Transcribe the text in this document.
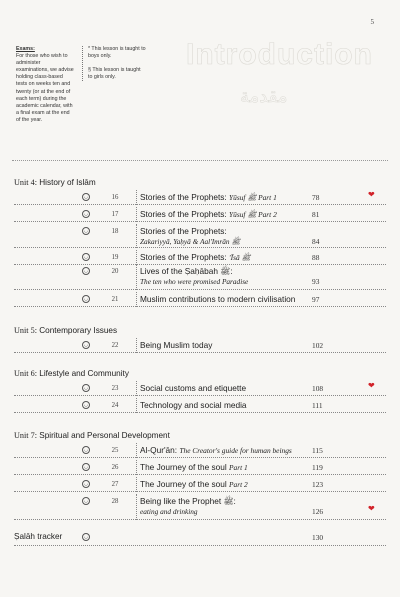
5
Introduction
مقدمة
Exams:
For those who wish to administer examinations, we advise holding class-based tests on weeks ten and twenty (or at the end of each term) during the academic calendar, with a final exam at the end of the year.

* This lesson is taught to boys only.

§ This lesson is taught to girls only.

Unit 4: History of Islām
◡	16	Stories of the Prophets: Yūsuf ﷺ Part 1	78	❤
◡	17	Stories of the Prophets: Yūsuf ﷺ Part 2	81
◡	18	Stories of the Prophets:
Zakariyyā, Yaḥyā & Aal'Imrān ﷺ	84
◡	19	Stories of the Prophets: 'Īsā ﷺ	88
◡	20	Lives of the Ṣaḥābah ﷺ:
The ten who were promised Paradise	93
◡	21	Muslim contributions to modern civilisation 97
Unit 5: Contemporary Issues
◡	22	Being Muslim today	102
Unit 6: Lifestyle and Community
◡	23	Social customs and etiquette	108	❤
◡	24	Technology and social media	111
Unit 7: Spiritual and Personal Development
◡	25	Al-Qur'ān: The Creator's guide for human beings	115
◡	26	The Journey of the soul Part 1	119
◡	27	The Journey of the soul Part 2	123
◡	28	Being like the Prophet ﷺ:
eating and drinking	126	❤
Ṣalāh tracker	◡	130
